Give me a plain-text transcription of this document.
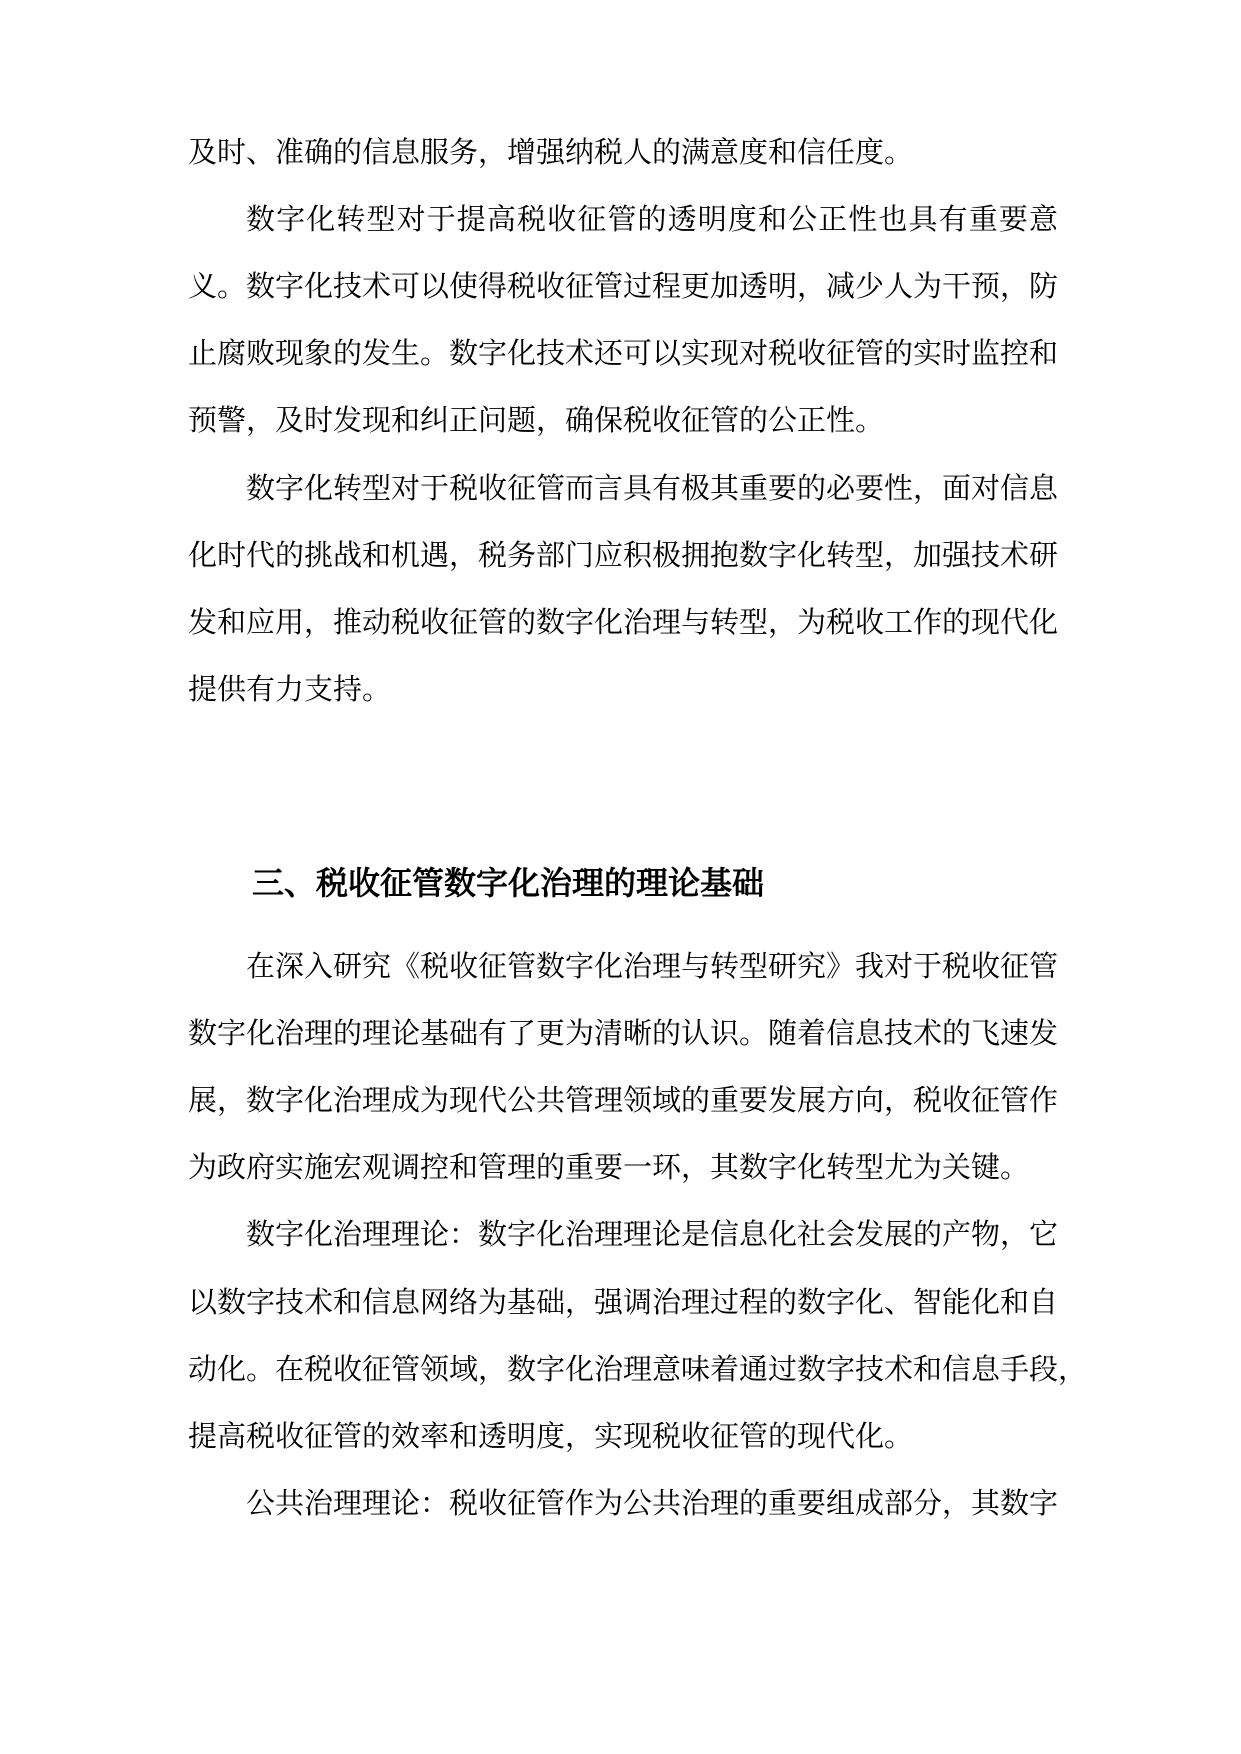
及时、准确的信息服务，增强纳税人的满意度和信任度。
数字化转型对于提高税收征管的透明度和公正性也具有重要意
义。数字化技术可以使得税收征管过程更加透明，减少人为干预，防
止腐败现象的发生。数字化技术还可以实现对税收征管的实时监控和
预警，及时发现和纠正问题，确保税收征管的公正性。
数字化转型对于税收征管而言具有极其重要的必要性，面对信息
化时代的挑战和机遇，税务部门应积极拥抱数字化转型，加强技术研
发和应用，推动税收征管的数字化治理与转型，为税收工作的现代化
提供有力支持。
三、税收征管数字化治理的理论基础
在深入研究《税收征管数字化治理与转型研究》我对于税收征管
数字化治理的理论基础有了更为清晰的认识。随着信息技术的飞速发
展，数字化治理成为现代公共管理领域的重要发展方向，税收征管作
为政府实施宏观调控和管理的重要一环，其数字化转型尤为关键。
数字化治理理论：数字化治理理论是信息化社会发展的产物，它
以数字技术和信息网络为基础，强调治理过程的数字化、智能化和自
动化。在税收征管领域，数字化治理意味着通过数字技术和信息手段，
提高税收征管的效率和透明度，实现税收征管的现代化。
公共治理理论：税收征管作为公共治理的重要组成部分，其数字
